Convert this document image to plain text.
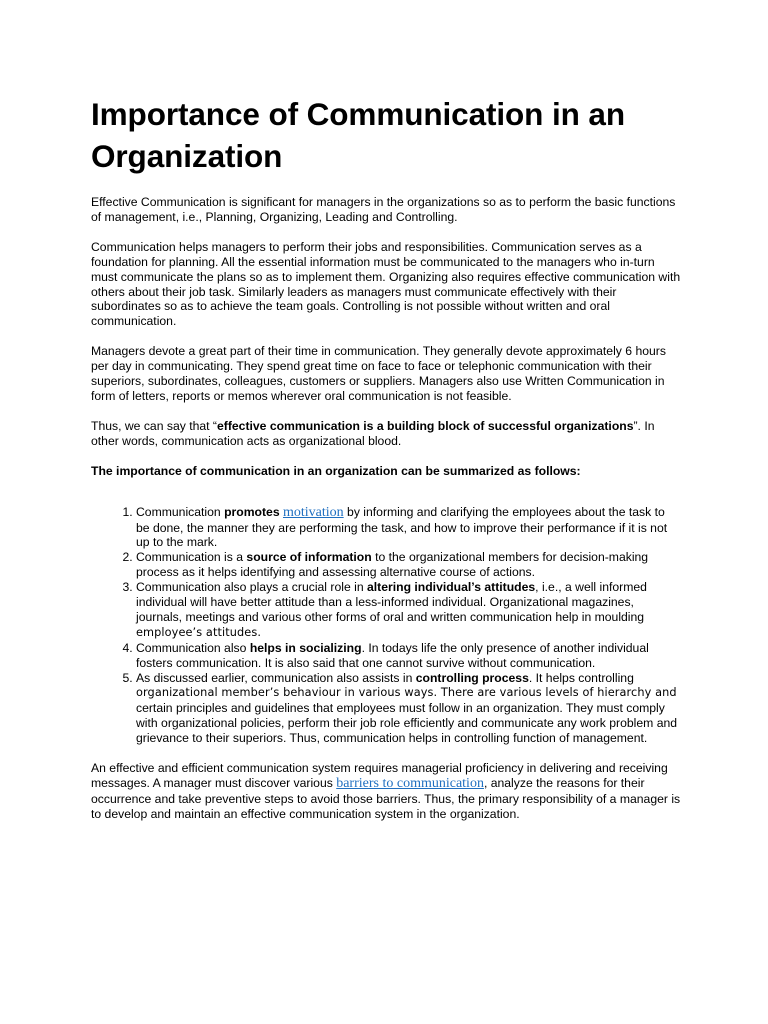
Importance of Communication in an Organization

Effective Communication is significant for managers in the organizations so as to perform the basic functions of management, i.e., Planning, Organizing, Leading and Controlling.

Communication helps managers to perform their jobs and responsibilities. Communication serves as a foundation for planning. All the essential information must be communicated to the managers who in-turn must communicate the plans so as to implement them. Organizing also requires effective communication with others about their job task. Similarly leaders as managers must communicate effectively with their subordinates so as to achieve the team goals. Controlling is not possible without written and oral communication.

Managers devote a great part of their time in communication. They generally devote approximately 6 hours per day in communicating. They spend great time on face to face or telephonic communication with their superiors, subordinates, colleagues, customers or suppliers. Managers also use Written Communication in form of letters, reports or memos wherever oral communication is not feasible.

Thus, we can say that “effective communication is a building block of successful organizations”. In other words, communication acts as organizational blood.

The importance of communication in an organization can be summarized as follows:

1. Communication promotes motivation by informing and clarifying the employees about the task to be done, the manner they are performing the task, and how to improve their performance if it is not up to the mark.
2. Communication is a source of information to the organizational members for decision-making process as it helps identifying and assessing alternative course of actions.
3. Communication also plays a crucial role in altering individual’s attitudes, i.e., a well informed individual will have better attitude than a less-informed individual. Organizational magazines, journals, meetings and various other forms of oral and written communication help in moulding employee’s attitudes.
4. Communication also helps in socializing. In todays life the only presence of another individual fosters communication. It is also said that one cannot survive without communication.
5. As discussed earlier, communication also assists in controlling process. It helps controlling organizational member’s behaviour in various ways. There are various levels of hierarchy and certain principles and guidelines that employees must follow in an organization. They must comply with organizational policies, perform their job role efficiently and communicate any work problem and grievance to their superiors. Thus, communication helps in controlling function of management.

An effective and efficient communication system requires managerial proficiency in delivering and receiving messages. A manager must discover various barriers to communication, analyze the reasons for their occurrence and take preventive steps to avoid those barriers. Thus, the primary responsibility of a manager is to develop and maintain an effective communication system in the organization.
